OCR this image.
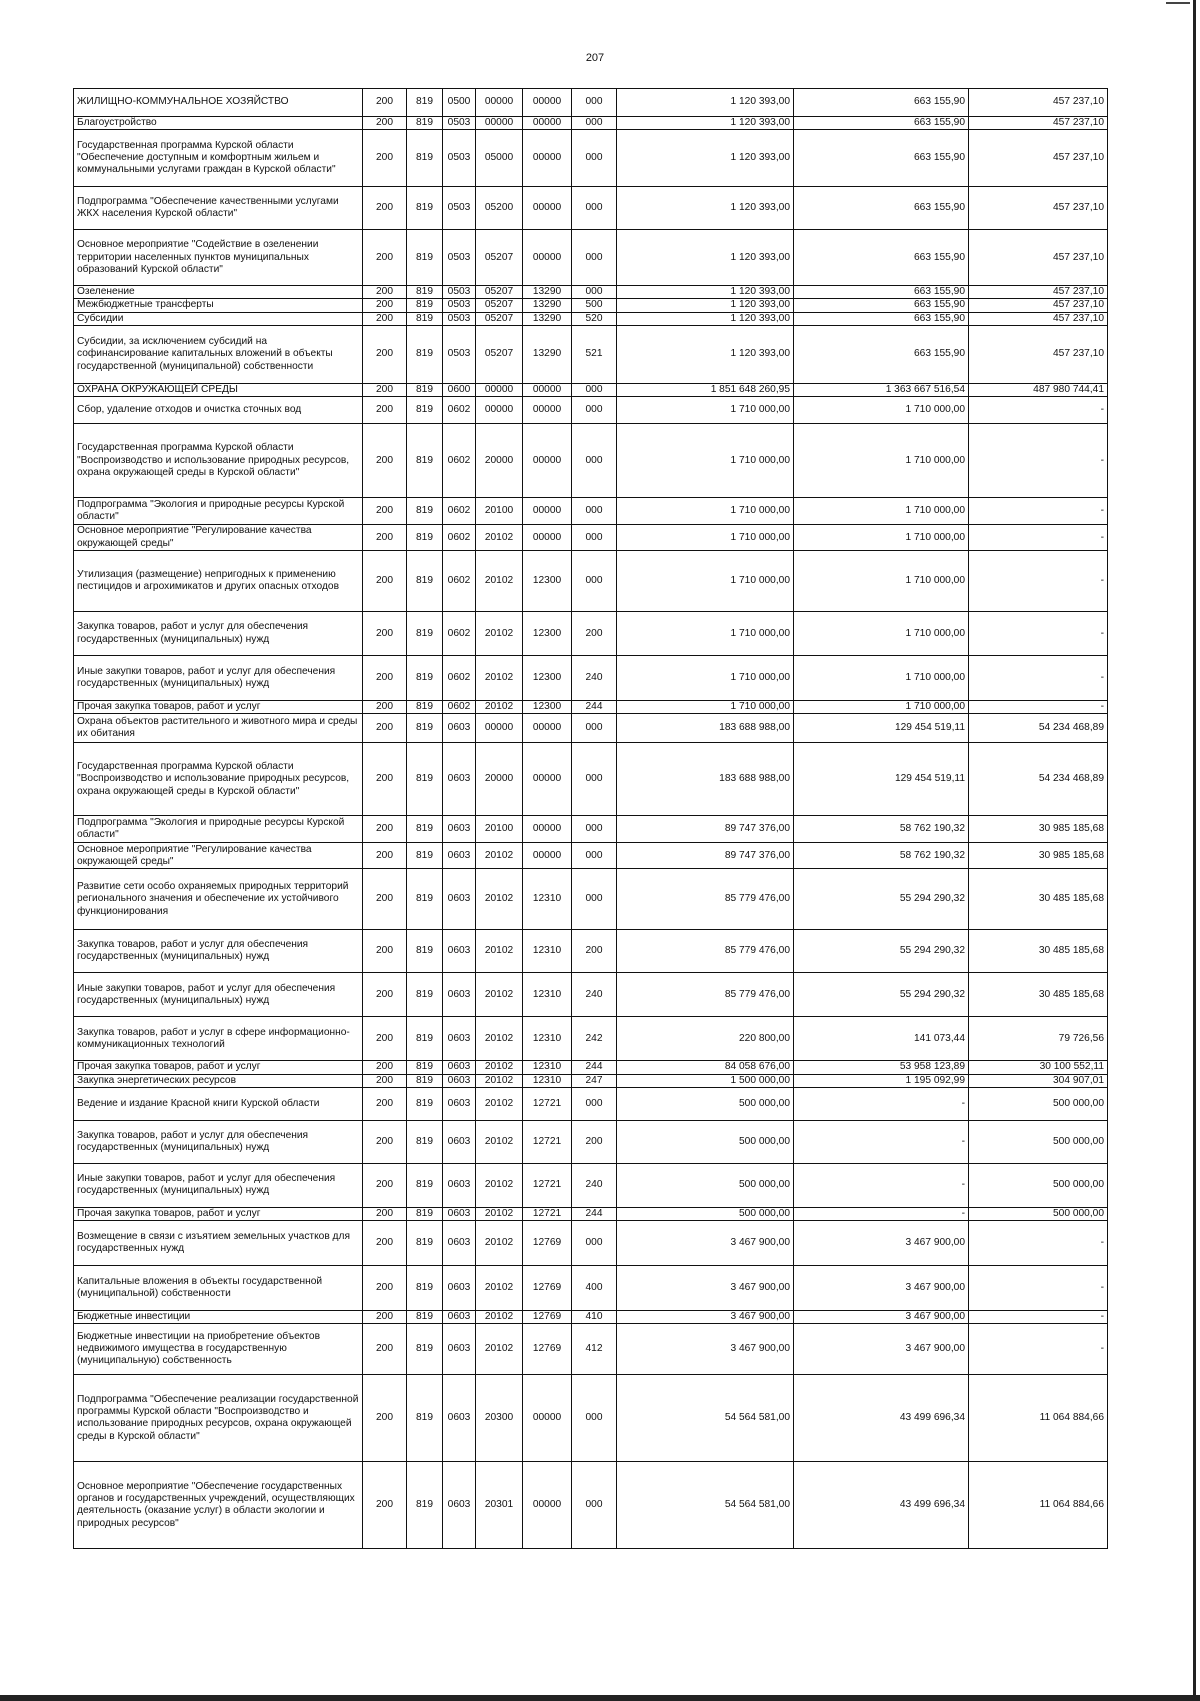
207
ЖИЛИЩНО-КОММУНАЛЬНОЕ ХОЗЯЙСТВО	200	819	0500	00000	00000	000	1 120 393,00	663 155,90	457 237,10
Благоустройство	200	819	0503	00000	00000	000	1 120 393,00	663 155,90	457 237,10
Государственная программа Курской области "Обеспечение доступным и комфортным жильем и коммунальными услугами граждан в Курской области"	200	819	0503	05000	00000	000	1 120 393,00	663 155,90	457 237,10
Подпрограмма "Обеспечение качественными услугами ЖКХ населения Курской области"	200	819	0503	05200	00000	000	1 120 393,00	663 155,90	457 237,10
Основное мероприятие "Содействие в озеленении территории населенных пунктов муниципальных образований Курской области"	200	819	0503	05207	00000	000	1 120 393,00	663 155,90	457 237,10
Озеленение	200	819	0503	05207	13290	000	1 120 393,00	663 155,90	457 237,10
Межбюджетные трансферты	200	819	0503	05207	13290	500	1 120 393,00	663 155,90	457 237,10
Субсидии	200	819	0503	05207	13290	520	1 120 393,00	663 155,90	457 237,10
Субсидии, за исключением субсидий на софинансирование капитальных вложений в объекты государственной (муниципальной) собственности	200	819	0503	05207	13290	521	1 120 393,00	663 155,90	457 237,10
ОХРАНА ОКРУЖАЮЩЕЙ СРЕДЫ	200	819	0600	00000	00000	000	1 851 648 260,95	1 363 667 516,54	487 980 744,41
Сбор, удаление отходов и очистка сточных вод	200	819	0602	00000	00000	000	1 710 000,00	1 710 000,00	-
Государственная программа Курской области "Воспроизводство и использование природных ресурсов, охрана окружающей среды в Курской области"	200	819	0602	20000	00000	000	1 710 000,00	1 710 000,00	-
Подпрограмма "Экология и природные ресурсы Курской области"	200	819	0602	20100	00000	000	1 710 000,00	1 710 000,00	-
Основное мероприятие "Регулирование качества окружающей среды"	200	819	0602	20102	00000	000	1 710 000,00	1 710 000,00	-
Утилизация (размещение) непригодных к применению пестицидов и агрохимикатов и других опасных отходов	200	819	0602	20102	12300	000	1 710 000,00	1 710 000,00	-
Закупка товаров, работ и услуг для обеспечения государственных (муниципальных) нужд	200	819	0602	20102	12300	200	1 710 000,00	1 710 000,00	-
Иные закупки товаров, работ и услуг для обеспечения государственных (муниципальных) нужд	200	819	0602	20102	12300	240	1 710 000,00	1 710 000,00	-
Прочая закупка товаров, работ и услуг	200	819	0602	20102	12300	244	1 710 000,00	1 710 000,00	-
Охрана объектов растительного и животного мира и среды их обитания	200	819	0603	00000	00000	000	183 688 988,00	129 454 519,11	54 234 468,89
Государственная программа Курской области "Воспроизводство и использование природных ресурсов, охрана окружающей среды в Курской области"	200	819	0603	20000	00000	000	183 688 988,00	129 454 519,11	54 234 468,89
Подпрограмма "Экология и природные ресурсы Курской области"	200	819	0603	20100	00000	000	89 747 376,00	58 762 190,32	30 985 185,68
Основное мероприятие "Регулирование качества окружающей среды"	200	819	0603	20102	00000	000	89 747 376,00	58 762 190,32	30 985 185,68
Развитие сети особо охраняемых природных территорий регионального значения и обеспечение их устойчивого функционирования	200	819	0603	20102	12310	000	85 779 476,00	55 294 290,32	30 485 185,68
Закупка товаров, работ и услуг для обеспечения государственных (муниципальных) нужд	200	819	0603	20102	12310	200	85 779 476,00	55 294 290,32	30 485 185,68
Иные закупки товаров, работ и услуг для обеспечения государственных (муниципальных) нужд	200	819	0603	20102	12310	240	85 779 476,00	55 294 290,32	30 485 185,68
Закупка товаров, работ и услуг в сфере информационно-коммуникационных технологий	200	819	0603	20102	12310	242	220 800,00	141 073,44	79 726,56
Прочая закупка товаров, работ и услуг	200	819	0603	20102	12310	244	84 058 676,00	53 958 123,89	30 100 552,11
Закупка энергетических ресурсов	200	819	0603	20102	12310	247	1 500 000,00	1 195 092,99	304 907,01
Ведение и издание Красной книги Курской области	200	819	0603	20102	12721	000	500 000,00	-	500 000,00
Закупка товаров, работ и услуг для обеспечения государственных (муниципальных) нужд	200	819	0603	20102	12721	200	500 000,00	-	500 000,00
Иные закупки товаров, работ и услуг для обеспечения государственных (муниципальных) нужд	200	819	0603	20102	12721	240	500 000,00	-	500 000,00
Прочая закупка товаров, работ и услуг	200	819	0603	20102	12721	244	500 000,00	-	500 000,00
Возмещение в связи с изъятием земельных участков для государственных нужд	200	819	0603	20102	12769	000	3 467 900,00	3 467 900,00	-
Капитальные вложения в объекты государственной (муниципальной) собственности	200	819	0603	20102	12769	400	3 467 900,00	3 467 900,00	-
Бюджетные инвестиции	200	819	0603	20102	12769	410	3 467 900,00	3 467 900,00	-
Бюджетные инвестиции на приобретение объектов недвижимого имущества в государственную (муниципальную) собственность	200	819	0603	20102	12769	412	3 467 900,00	3 467 900,00	-
Подпрограмма "Обеспечение реализации государственной программы Курской области "Воспроизводство и использование природных ресурсов, охрана окружающей среды в Курской области"	200	819	0603	20300	00000	000	54 564 581,00	43 499 696,34	11 064 884,66
Основное мероприятие "Обеспечение государственных органов и государственных учреждений, осуществляющих деятельность (оказание услуг) в области экологии и природных ресурсов"	200	819	0603	20301	00000	000	54 564 581,00	43 499 696,34	11 064 884,66
